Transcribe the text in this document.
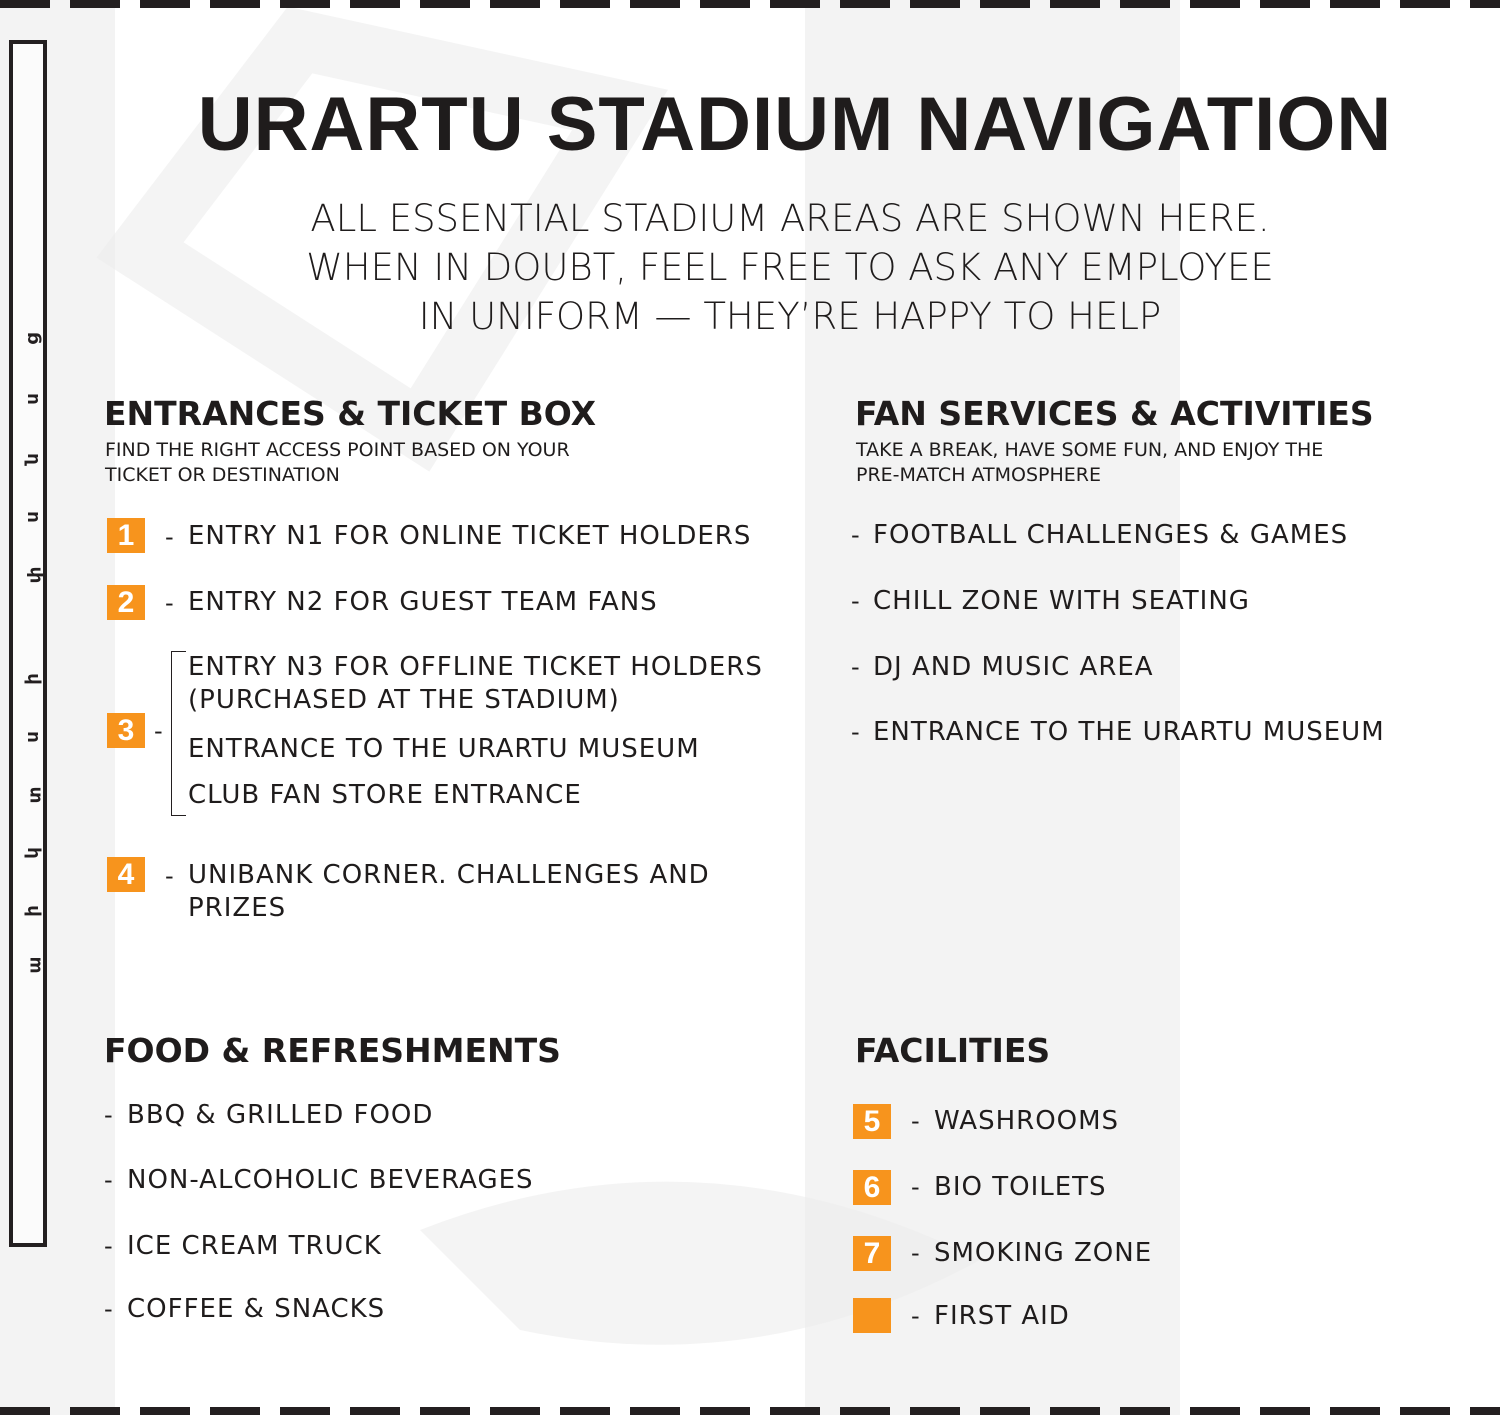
ց
ս
ն
ս
փ
ի
ս
տ
կ
ի
ա
URARTU STADIUM NAVIGATION
ALL ESSENTIAL STADIUM AREAS ARE SHOWN HERE.
WHEN IN DOUBT, FEEL FREE TO ASK ANY EMPLOYEE
IN UNIFORM — THEY’RE HAPPY TO HELP
ENTRANCES & TICKET BOX
FIND THE RIGHT ACCESS POINT BASED ON YOUR
TICKET OR DESTINATION
1	- ENTRY N1 FOR ONLINE TICKET HOLDERS
2	- ENTRY N2 FOR GUEST TEAM FANS
3 -
ENTRY N3 FOR OFFLINE TICKET HOLDERS
(PURCHASED AT THE STADIUM)
ENTRANCE TO THE URARTU MUSEUM
CLUB FAN STORE ENTRANCE
4	- UNIBANK CORNER. CHALLENGES AND
PRIZES
FAN SERVICES & ACTIVITIES
TAKE A BREAK, HAVE SOME FUN, AND ENJOY THE
PRE-MATCH ATMOSPHERE
- FOOTBALL CHALLENGES & GAMES
- CHILL ZONE WITH SEATING
- DJ AND MUSIC AREA
- ENTRANCE TO THE URARTU MUSEUM
FOOD & REFRESHMENTS
- BBQ & GRILLED FOOD
- NON-ALCOHOLIC BEVERAGES
- ICE CREAM TRUCK
- COFFEE & SNACKS
FACILITIES
5	- WASHROOMS
6	- BIO TOILETS
7	- SMOKING ZONE
- FIRST AID
